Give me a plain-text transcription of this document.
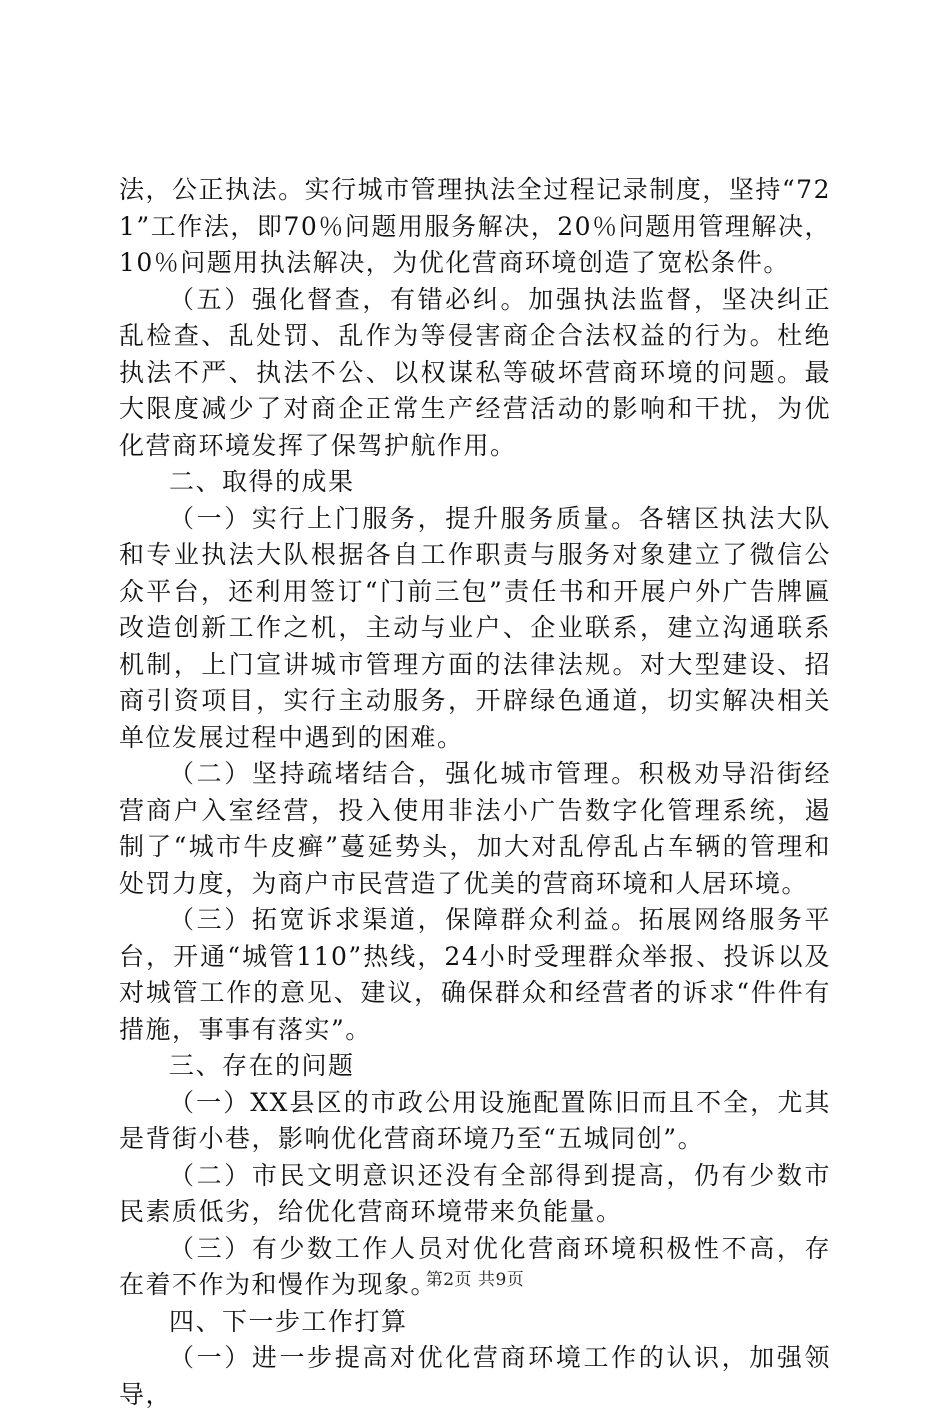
法，公正执法。实行城市管理执法全过程记录制度，坚持“721”工作法，即70％问题用服务解决，20％问题用管理解决，10％问题用执法解决，为优化营商环境创造了宽松条件。

（五）强化督查，有错必纠。加强执法监督，坚决纠正乱检查、乱处罚、乱作为等侵害商企合法权益的行为。杜绝执法不严、执法不公、以权谋私等破坏营商环境的问题。最大限度减少了对商企正常生产经营活动的影响和干扰，为优化营商环境发挥了保驾护航作用。

二、取得的成果

（一）实行上门服务，提升服务质量。各辖区执法大队和专业执法大队根据各自工作职责与服务对象建立了微信公众平台，还利用签订“门前三包”责任书和开展户外广告牌匾改造创新工作之机，主动与业户、企业联系，建立沟通联系机制，上门宣讲城市管理方面的法律法规。对大型建设、招商引资项目，实行主动服务，开辟绿色通道，切实解决相关单位发展过程中遇到的困难。

（二）坚持疏堵结合，强化城市管理。积极劝导沿街经营商户入室经营，投入使用非法小广告数字化管理系统，遏制了“城市牛皮癣”蔓延势头，加大对乱停乱占车辆的管理和处罚力度，为商户市民营造了优美的营商环境和人居环境。

（三）拓宽诉求渠道，保障群众利益。拓展网络服务平台，开通“城管110”热线，24小时受理群众举报、投诉以及对城管工作的意见、建议，确保群众和经营者的诉求“件件有措施，事事有落实”。

三、存在的问题

（一）XX县区的市政公用设施配置陈旧而且不全，尤其是背街小巷，影响优化营商环境乃至“五城同创”。

（二）市民文明意识还没有全部得到提高，仍有少数市民素质低劣，给优化营商环境带来负能量。

（三）有少数工作人员对优化营商环境积极性不高，存在着不作为和慢作为现象。

四、下一步工作打算

（一）进一步提高对优化营商环境工作的认识，加强领导，

第2页 共9页
